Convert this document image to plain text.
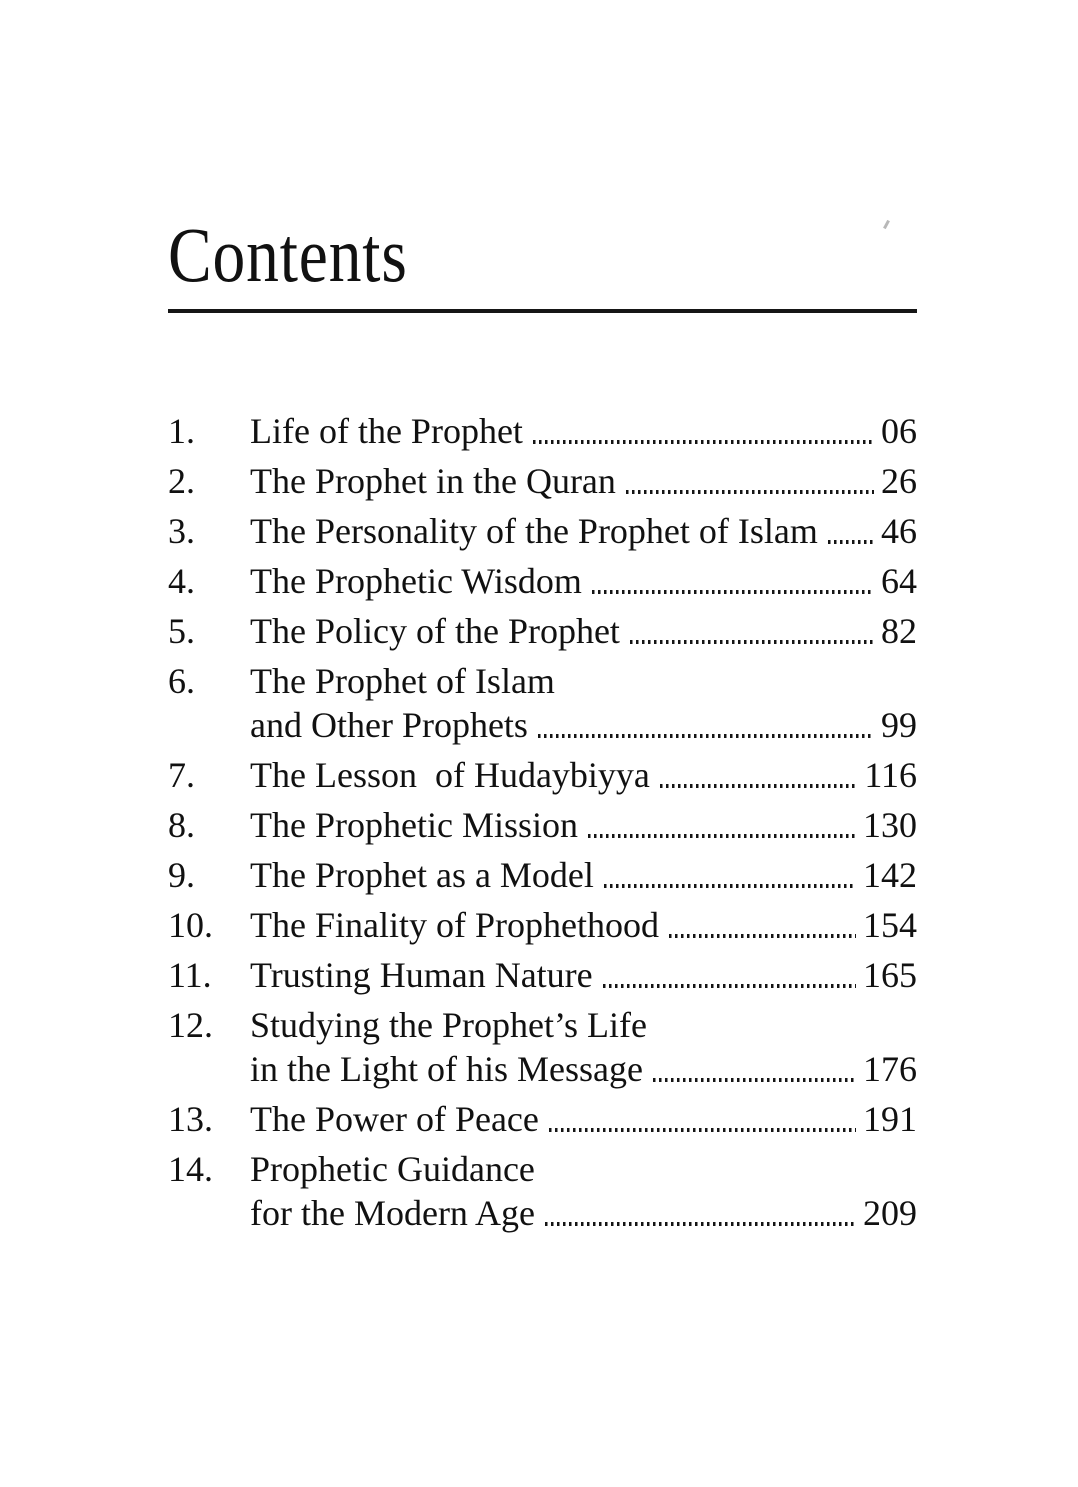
Contents
1.	Life of the Prophet	06
2.	The Prophet in the Quran	26
3.	The Personality of the Prophet of Islam 46
4.	The Prophetic Wisdom	64
5.	The Policy of the Prophet	82
6.	The Prophet of Islam
and Other Prophets	99
7.	The Lesson  of Hudaybiyya	116
8.	The Prophetic Mission	130
9.	The Prophet as a Model	142
10.	The Finality of Prophethood	154
11.	Trusting Human Nature	165
12.	Studying the Prophet’s Life
in the Light of his Message	176
13.	The Power of Peace	191
14.	Prophetic Guidance
for the Modern Age	209
